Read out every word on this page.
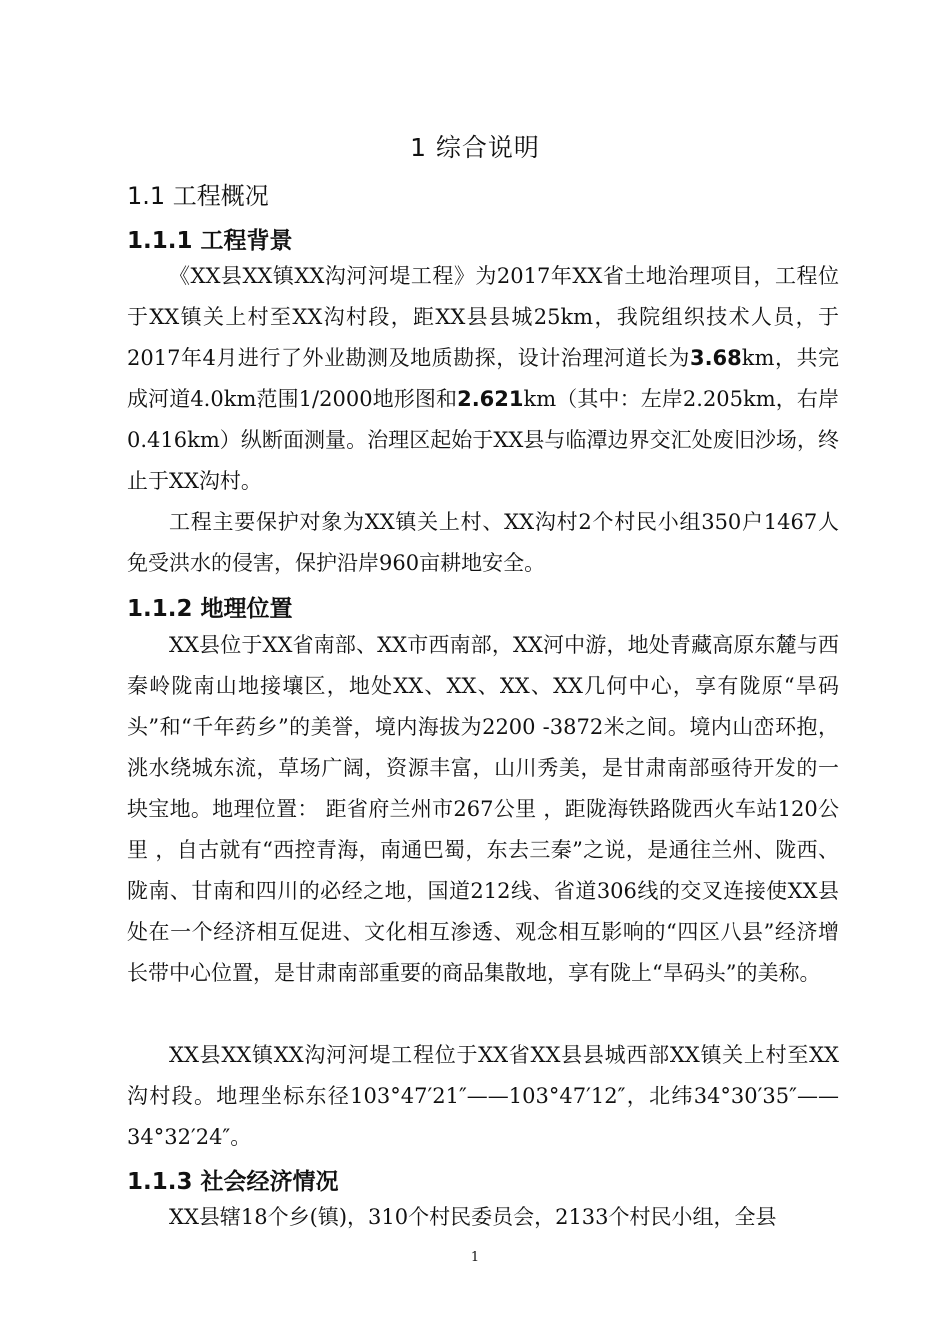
1 综合说明
1.1 工程概况
1.1.1 工程背景

《XX县XX镇XX沟河河堤工程》为2017年XX省土地治理项目，工程位于XX镇关上村至XX沟村段，距XX县县城25km，我院组织技术人员，于2017年4月进行了外业勘测及地质勘探，设计治理河道长为3.68km，共完成河道4.0km范围1/2000地形图和2.621km（其中：左岸2.205km，右岸0.416km）纵断面测量。治理区起始于XX县与临潭边界交汇处废旧沙场，终止于XX沟村。

工程主要保护对象为XX镇关上村、XX沟村2个村民小组350户1467人免受洪水的侵害，保护沿岸960亩耕地安全。

1.1.2 地理位置

XX县位于XX省南部、XX市西南部，XX河中游，地处青藏高原东麓与西秦岭陇南山地接壤区，地处XX、XX、XX、XX几何中心，享有陇原“旱码头”和“千年药乡”的美誉，境内海拔为2200 -3872米之间。境内山峦环抱，洮水绕城东流，草场广阔，资源丰富，山川秀美，是甘肃南部亟待开发的一块宝地。地理位置： 距省府兰州市267公里 ，距陇海铁路陇西火车站120公里 ，自古就有“西控青海，南通巴蜀，东去三秦”之说，是通往兰州、陇西、陇南、甘南和四川的必经之地，国道212线、省道306线的交叉连接使XX县处在一个经济相互促进、文化相互渗透、观念相互影响的“四区八县”经济增长带中心位置，是甘肃南部重要的商品集散地，享有陇上“旱码头”的美称。

XX县XX镇XX沟河河堤工程位于XX省XX县县城西部XX镇关上村至XX沟村段。地理坐标东径103°47′21″——103°47′12″，北纬34°30′35″——34°32′24″。

1.1.3 社会经济情况

XX县辖18个乡(镇)，310个村民委员会，2133个村民小组，全县

1
